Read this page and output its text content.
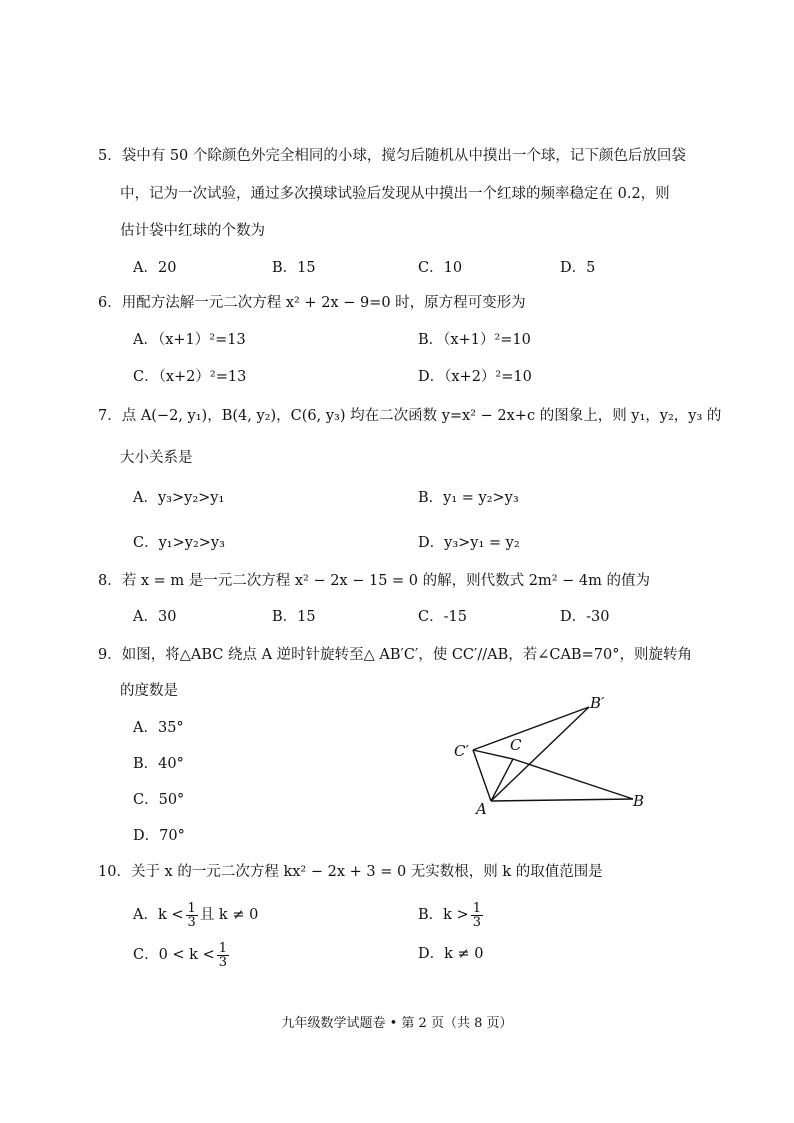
5．袋中有 50 个除颜色外完全相同的小球，搅匀后随机从中摸出一个球，记下颜色后放回袋
中，记为一次试验，通过多次摸球试验后发现从中摸出一个红球的频率稳定在 0.2，则
估计袋中红球的个数为
A．20	B．15	C．10	D．5
6．用配方法解一元二次方程 x² + 2x − 9=0 时，原方程可变形为
A．（x+1）²=13	B．（x+1）²=10
C．（x+2）²=13	D．（x+2）²=10
7．点 A(−2, y₁)，B(4, y₂)，C(6, y₃) 均在二次函数 y=x² − 2x+c 的图象上，则 y₁，y₂，y₃ 的
大小关系是
A．y₃>y₂>y₁	B．y₁ = y₂>y₃
C．y₁>y₂>y₃	D．y₃>y₁ = y₂
8．若 x = m 是一元二次方程 x² − 2x − 15 = 0 的解，则代数式 2m² − 4m 的值为
A．30	B．15	C．-15	D．-30
9．如图，将△ABC 绕点 A 逆时针旋转至△ AB′C′，使 CC′//AB，若∠CAB=70°，则旋转角
的度数是
A．35°
B．40°
C．50°
D．70°
B′
C′	C
A	B
10．关于 x 的一元二次方程 kx² − 2x + 3 = 0 无实数根，则 k 的取值范围是
A．$k < \frac{1}{3}$ 且 k ≠ 0	B．$k > \frac{1}{3}$
C．$0 < k < \frac{1}{3}$	D．k ≠ 0
九年级数学试题卷 • 第 2 页（共 8 页）
